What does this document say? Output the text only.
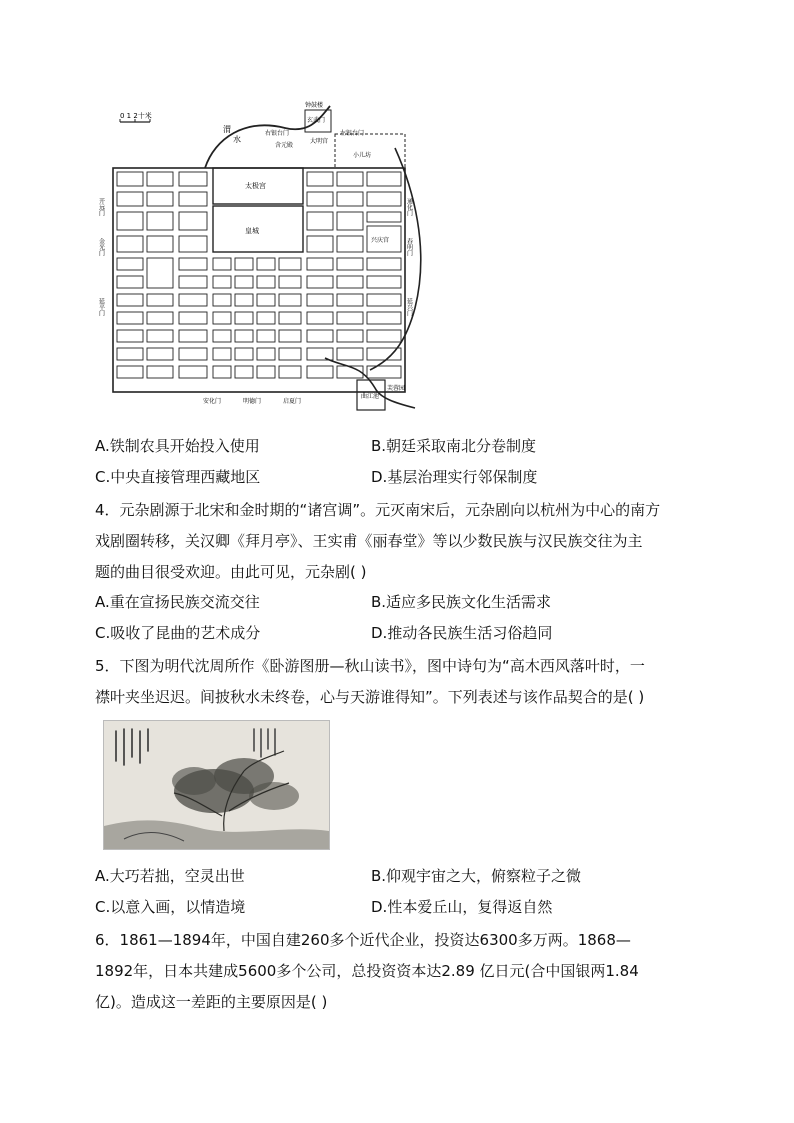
0 1 2十米
渭
水
钟鼓楼
玄武门
右银台门	左银台门
大明宫
含元殿
小儿坊
太极宫
皇城
兴庆宫
曲江池
芙蓉园
开远门
金光门
延平门
通化门
春明门
延兴门
安化门	明德门	启夏门
A.铁制农具开始投入使用	B.朝廷采取南北分卷制度
C.中央直接管理西藏地区	D.基层治理实行邻保制度
4．元杂剧源于北宋和金时期的“诸宫调”。元灭南宋后，元杂剧向以杭州为中心的南方
戏剧圈转移，关汉卿《拜月亭》、王实甫《丽春堂》等以少数民族与汉民族交往为主
题的曲目很受欢迎。由此可见，元杂剧( )
A.重在宣扬民族交流交往	B.适应多民族文化生活需求
C.吸收了昆曲的艺术成分	D.推动各民族生活习俗趋同
5．下图为明代沈周所作《卧游图册—秋山读书》，图中诗句为“高木西风落叶时，一
襟叶夹坐迟迟。间披秋水未终卷，心与天游谁得知”。下列表述与该作品契合的是( )
A.大巧若拙，空灵出世	B.仰观宇宙之大，俯察粒子之微
C.以意入画，以情造境	D.性本爱丘山，复得返自然
6．1861—1894年，中国自建260多个近代企业，投资达6300多万两。1868—
1892年，日本共建成5600多个公司，总投资资本达2.89 亿日元(合中国银两1.84
亿)。造成这一差距的主要原因是( )
